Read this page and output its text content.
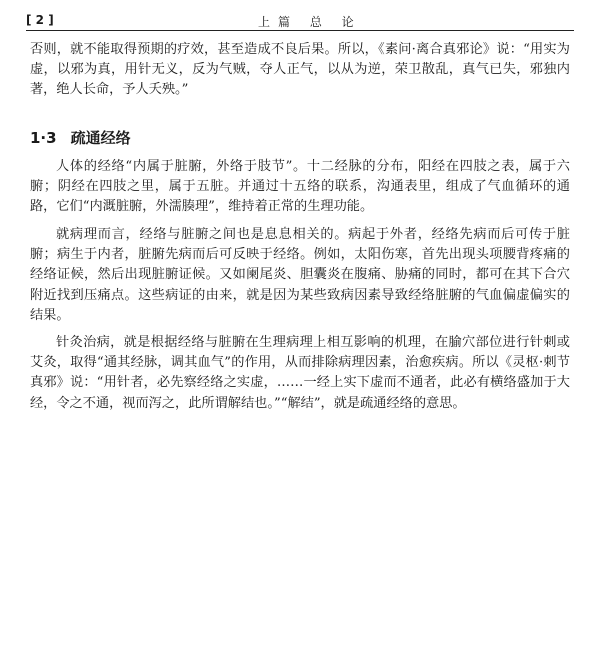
[ 2 ]	上篇 总 论
否则，就不能取得预期的疗效，甚至造成不良后果。所以，《素问·离合真邪论》说：“用实为虚，以邪为真，用针无义，反为气贼，夺人正气，以从为逆，荣卫散乱，真气已失，邪独内著，绝人长命，予人夭殃。”
1·3 疏通经络
人体的经络“内属于脏腑，外络于肢节”。十二经脉的分布，阳经在四肢之表，属于六腑；阴经在四肢之里，属于五脏。并通过十五络的联系，沟通表里，组成了气血循环的通路，它们“内溉脏腑，外濡腠理”，维持着正常的生理功能。
就病理而言，经络与脏腑之间也是息息相关的。病起于外者，经络先病而后可传于脏腑；病生于内者，脏腑先病而后可反映于经络。例如，太阳伤寒，首先出现头项腰背疼痛的经络证候，然后出现脏腑证候。又如阑尾炎、胆囊炎在腹痛、胁痛的同时，都可在其下合穴附近找到压痛点。这些病证的由来，就是因为某些致病因素导致经络脏腑的气血偏虚偏实的结果。
针灸治病，就是根据经络与脏腑在生理病理上相互影响的机理，在腧穴部位进行针刺或艾灸，取得“通其经脉，调其血气”的作用，从而排除病理因素，治愈疾病。所以《灵枢·刺节真邪》说：“用针者，必先察经络之实虚，……一经上实下虚而不通者，此必有横络盛加于大经，令之不通，视而泻之，此所谓解结也。”“解结”，就是疏通经络的意思。
